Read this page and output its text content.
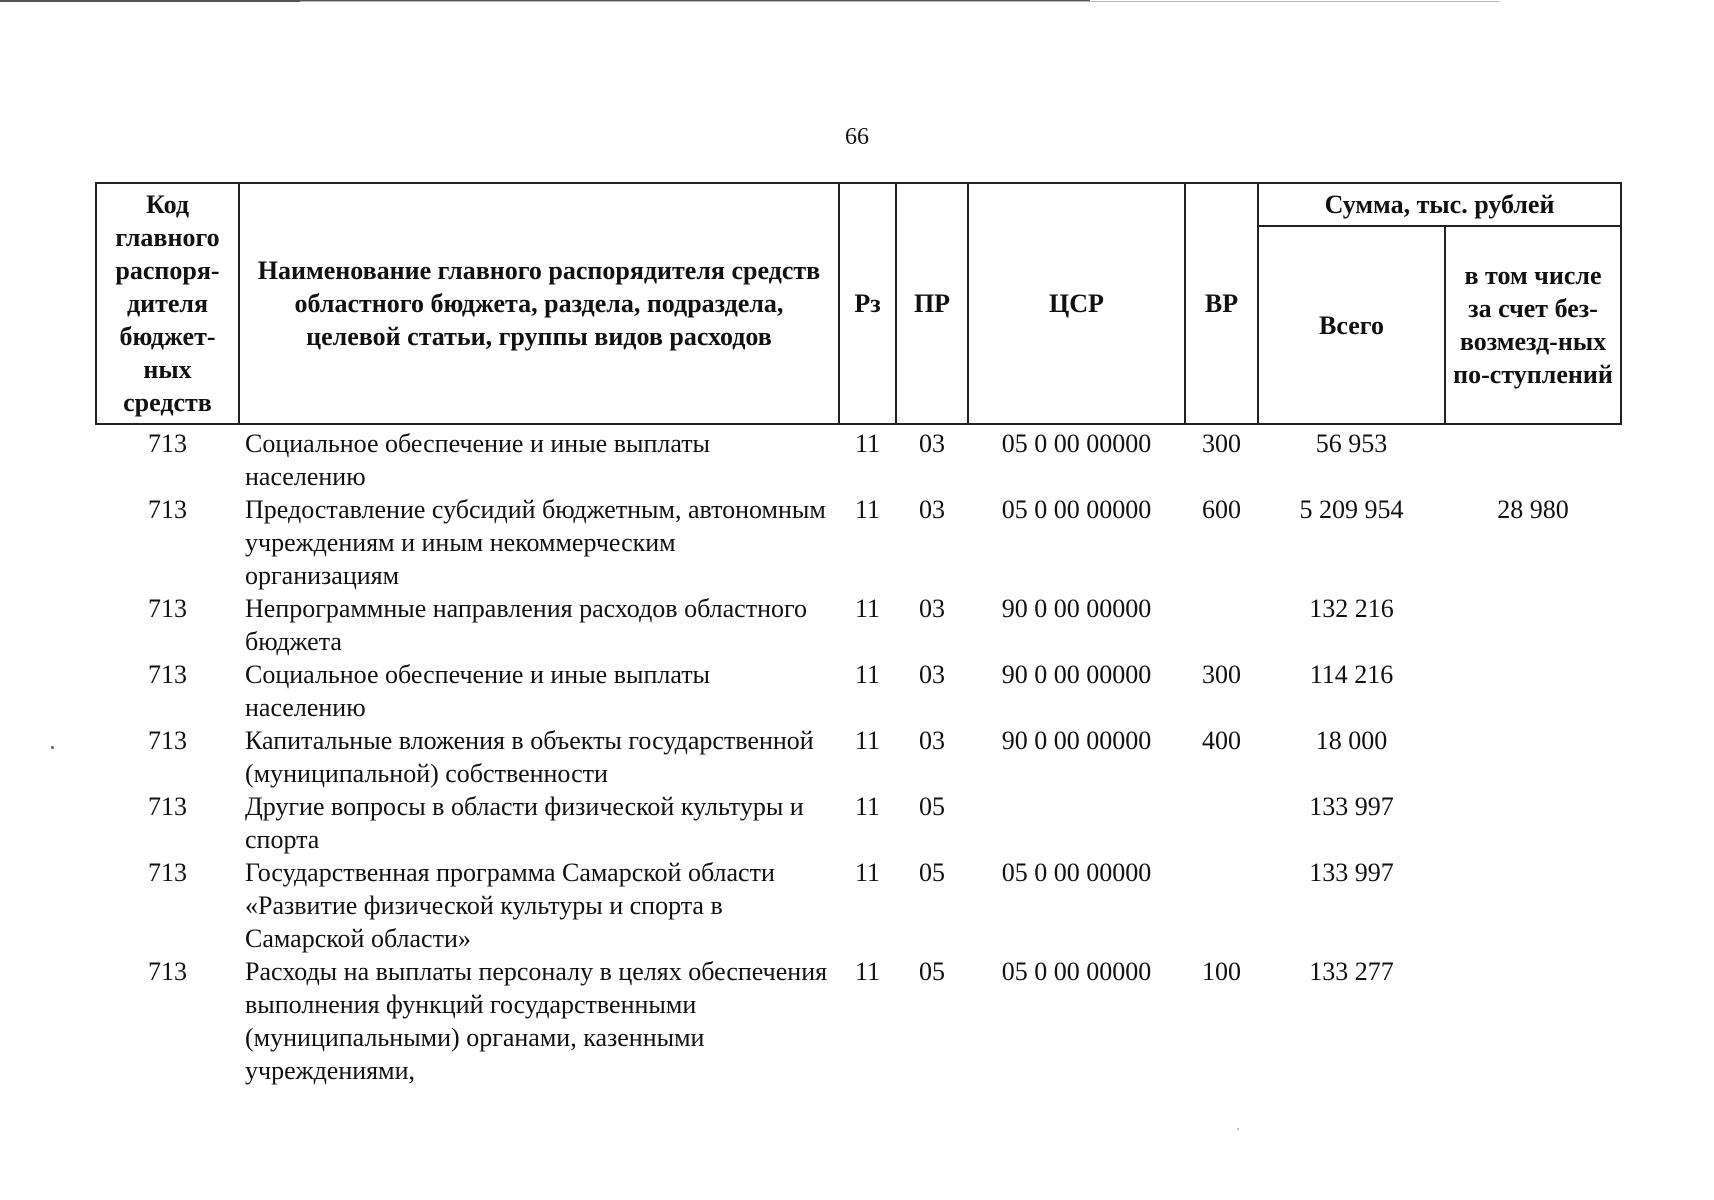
66
Код главного распоря-дителя бюджет-ных средств	Наименование главного распорядителя средств областного бюджета, раздела, подраздела, целевой статьи, группы видов расходов	Рз	ПР	ЦСР	ВР	Сумма, тыс. рублей	
						Всего	в том числе за счет без-возмезд-ных по-ступлений
713	Социальное обеспечение и иные выплаты населению	11	03	05 0 00 00000	300	56 953	
713	Предоставление субсидий бюджетным, автономным учреждениям и иным некоммерческим организациям	11	03	05 0 00 00000	600	5 209 954	28 980
713	Непрограммные направления расходов областного бюджета	11	03	90 0 00 00000		132 216	
713	Социальное обеспечение и иные выплаты населению	11	03	90 0 00 00000	300	114 216	
713	Капитальные вложения в объекты государственной (муниципальной) собственности	11	03	90 0 00 00000	400	18 000	
713	Другие вопросы в области физической культуры и спорта	11	05			133 997	
713	Государственная программа Самарской области «Развитие физической культуры и спорта в Самарской области»	11	05	05 0 00 00000		133 997	
713	Расходы на выплаты персоналу в целях обеспечения выполнения функций государственными (муниципальными) органами, казенными учреждениями,	11	05	05 0 00 00000	100	133 277	
